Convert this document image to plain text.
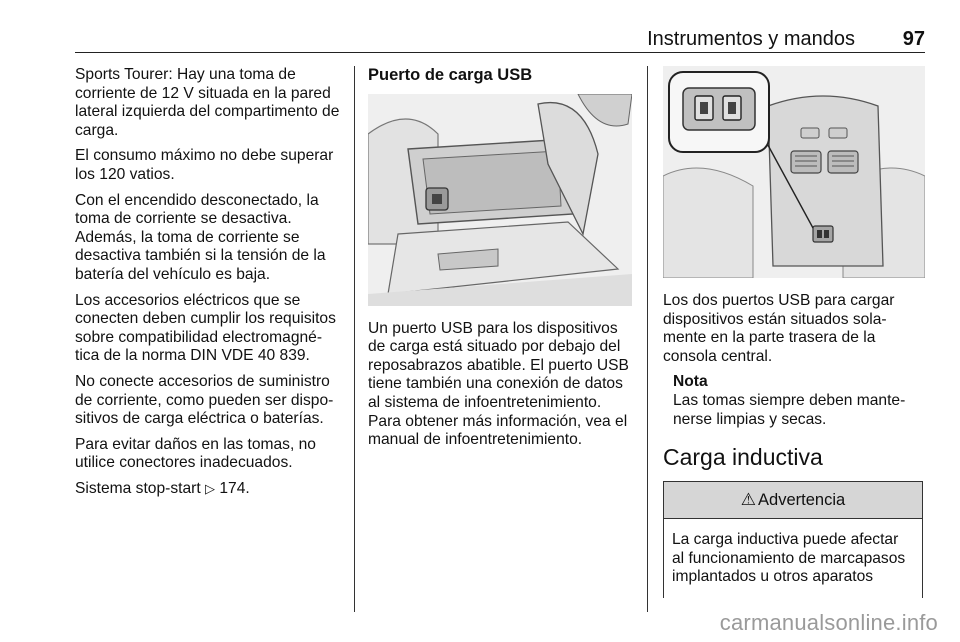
Instrumentos y mandos 97

Sports Tourer: Hay una toma de corriente de 12 V situada en la pared lateral izquierda del compartimento de carga.

El consumo máximo no debe superar los 120 vatios.

Con el encendido desconectado, la toma de corriente se desactiva. Además, la toma de corriente se desactiva también si la tensión de la batería del vehículo es baja.

Los accesorios eléctricos que se conecten deben cumplir los requisitos sobre compatibilidad electromagné‐tica de la norma DIN VDE 40 839.

No conecte accesorios de suministro de corriente, como pueden ser dispo‐sitivos de carga eléctrica o baterías.

Para evitar daños en las tomas, no utilice conectores inadecuados.

Sistema stop-start ▷ 174.

Puerto de carga USB

Un puerto USB para los dispositivos de carga está situado por debajo del reposabrazos abatible. El puerto USB tiene también una conexión de datos al sistema de infoentretenimiento. Para obtener más información, vea el manual de infoentretenimiento.

Los dos puertos USB para cargar dispositivos están situados sola‐mente en la parte trasera de la consola central.

Nota
Las tomas siempre deben mante‐nerse limpias y secas.
Carga inductiva
⚠ Advertencia
La carga inductiva puede afectar al funcionamiento de marcapasos implantados u otros aparatos
carmanualsonline.info
